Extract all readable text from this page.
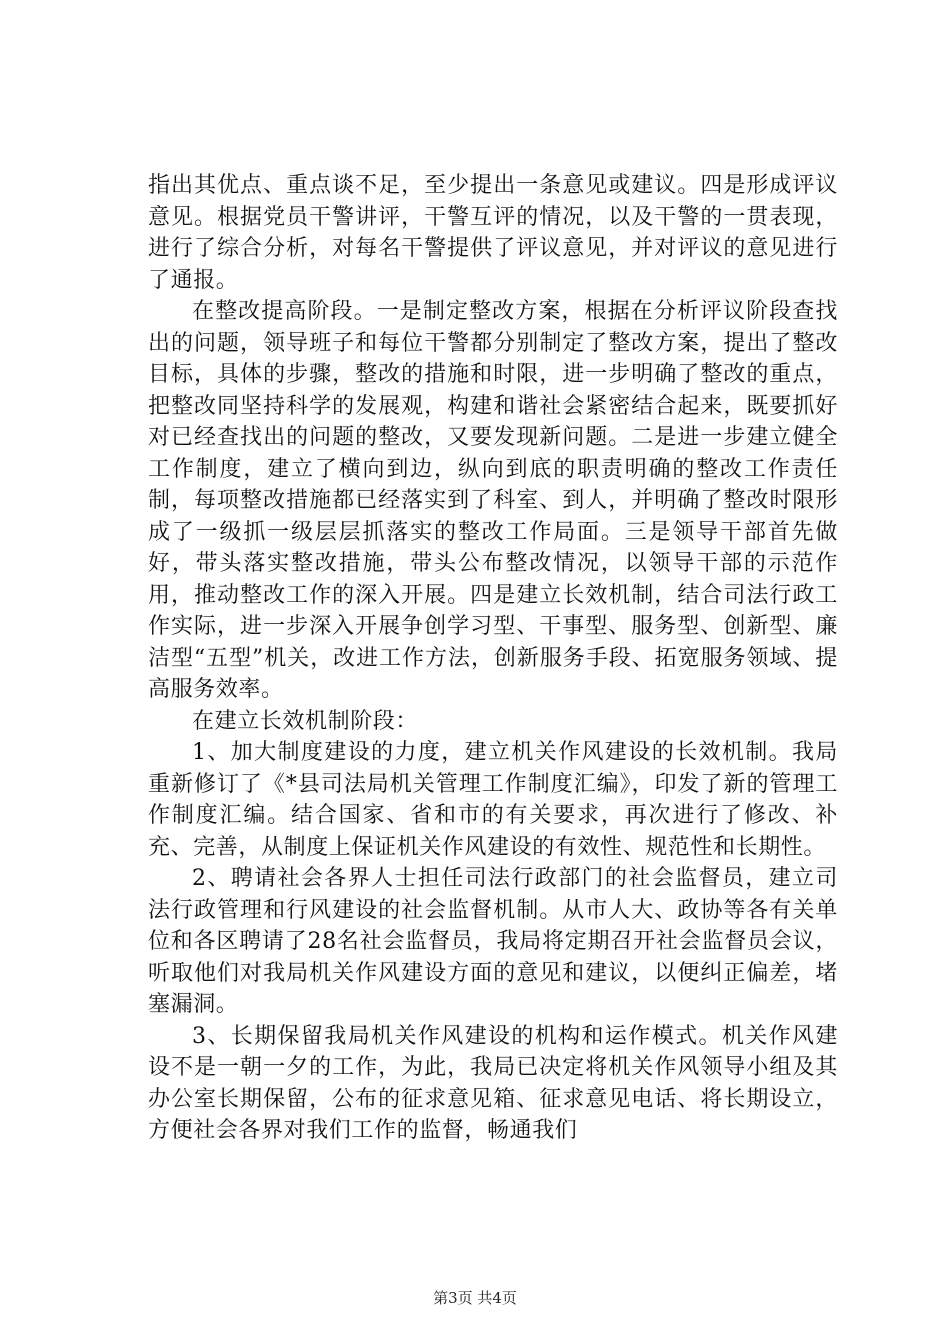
指出其优点、重点谈不足，至少提出一条意见或建议。四是形成评议意见。根据党员干警讲评，干警互评的情况，以及干警的一贯表现，进行了综合分析，对每名干警提供了评议意见，并对评议的意见进行了通报。

在整改提高阶段。一是制定整改方案，根据在分析评议阶段查找出的问题，领导班子和每位干警都分别制定了整改方案，提出了整改目标，具体的步骤，整改的措施和时限，进一步明确了整改的重点，把整改同坚持科学的发展观，构建和谐社会紧密结合起来，既要抓好对已经查找出的问题的整改，又要发现新问题。二是进一步建立健全工作制度，建立了横向到边，纵向到底的职责明确的整改工作责任制，每项整改措施都已经落实到了科室、到人，并明确了整改时限形成了一级抓一级层层抓落实的整改工作局面。三是领导干部首先做好，带头落实整改措施，带头公布整改情况，以领导干部的示范作用，推动整改工作的深入开展。四是建立长效机制，结合司法行政工作实际，进一步深入开展争创学习型、干事型、服务型、创新型、廉洁型“五型”机关，改进工作方法，创新服务手段、拓宽服务领域、提高服务效率。

在建立长效机制阶段：

1、加大制度建设的力度，建立机关作风建设的长效机制。我局重新修订了《*县司法局机关管理工作制度汇编》，印发了新的管理工作制度汇编。结合国家、省和市的有关要求，再次进行了修改、补充、完善，从制度上保证机关作风建设的有效性、规范性和长期性。

2、聘请社会各界人士担任司法行政部门的社会监督员，建立司法行政管理和行风建设的社会监督机制。从市人大、政协等各有关单位和各区聘请了28名社会监督员，我局将定期召开社会监督员会议，听取他们对我局机关作风建设方面的意见和建议，以便纠正偏差，堵塞漏洞。

3、长期保留我局机关作风建设的机构和运作模式。机关作风建设不是一朝一夕的工作，为此，我局已决定将机关作风领导小组及其办公室长期保留，公布的征求意见箱、征求意见电话、将长期设立，方便社会各界对我们工作的监督，畅通我们

第3页 共4页
